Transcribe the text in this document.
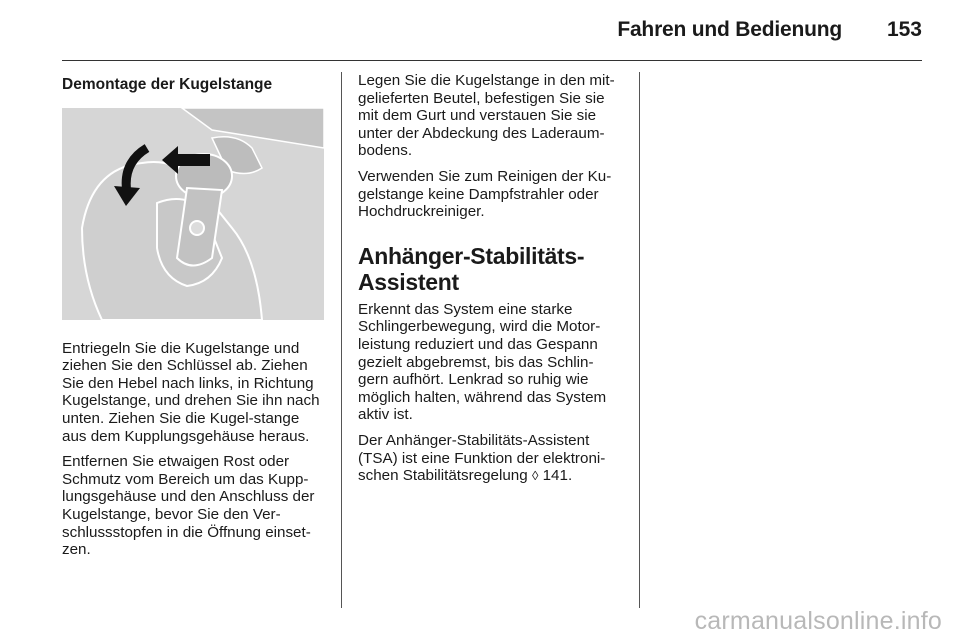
Fahren und Bedienung 153
Demontage der Kugelstange

Entriegeln Sie die Kugelstange und ziehen Sie den Schlüssel ab. Ziehen Sie den Hebel nach links, in Richtung Kugelstange, und drehen Sie ihn nach unten. Ziehen Sie die Kugel-stange aus dem Kupplungsgehäuse heraus.

Entfernen Sie etwaigen Rost oder Schmutz vom Bereich um das Kupp-lungsgehäuse und den Anschluss der Kugelstange, bevor Sie den Ver-schlussstopfen in die Öffnung einset-zen.

Legen Sie die Kugelstange in den mit-gelieferten Beutel, befestigen Sie sie mit dem Gurt und verstauen Sie sie unter der Abdeckung des Laderaum-bodens.

Verwenden Sie zum Reinigen der Ku-gelstange keine Dampfstrahler oder Hochdruckreiniger.

Anhänger-Stabilitäts-
Assistent

Erkennt das System eine starke Schlingerbewegung, wird die Motor-leistung reduziert und das Gespann gezielt abgebremst, bis das Schlin-gern aufhört. Lenkrad so ruhig wie möglich halten, während das System aktiv ist.

Der Anhänger-Stabilitäts-Assistent (TSA) ist eine Funktion der elektroni-schen Stabilitätsregelung ◊ 141.

carmanualsonline.info
